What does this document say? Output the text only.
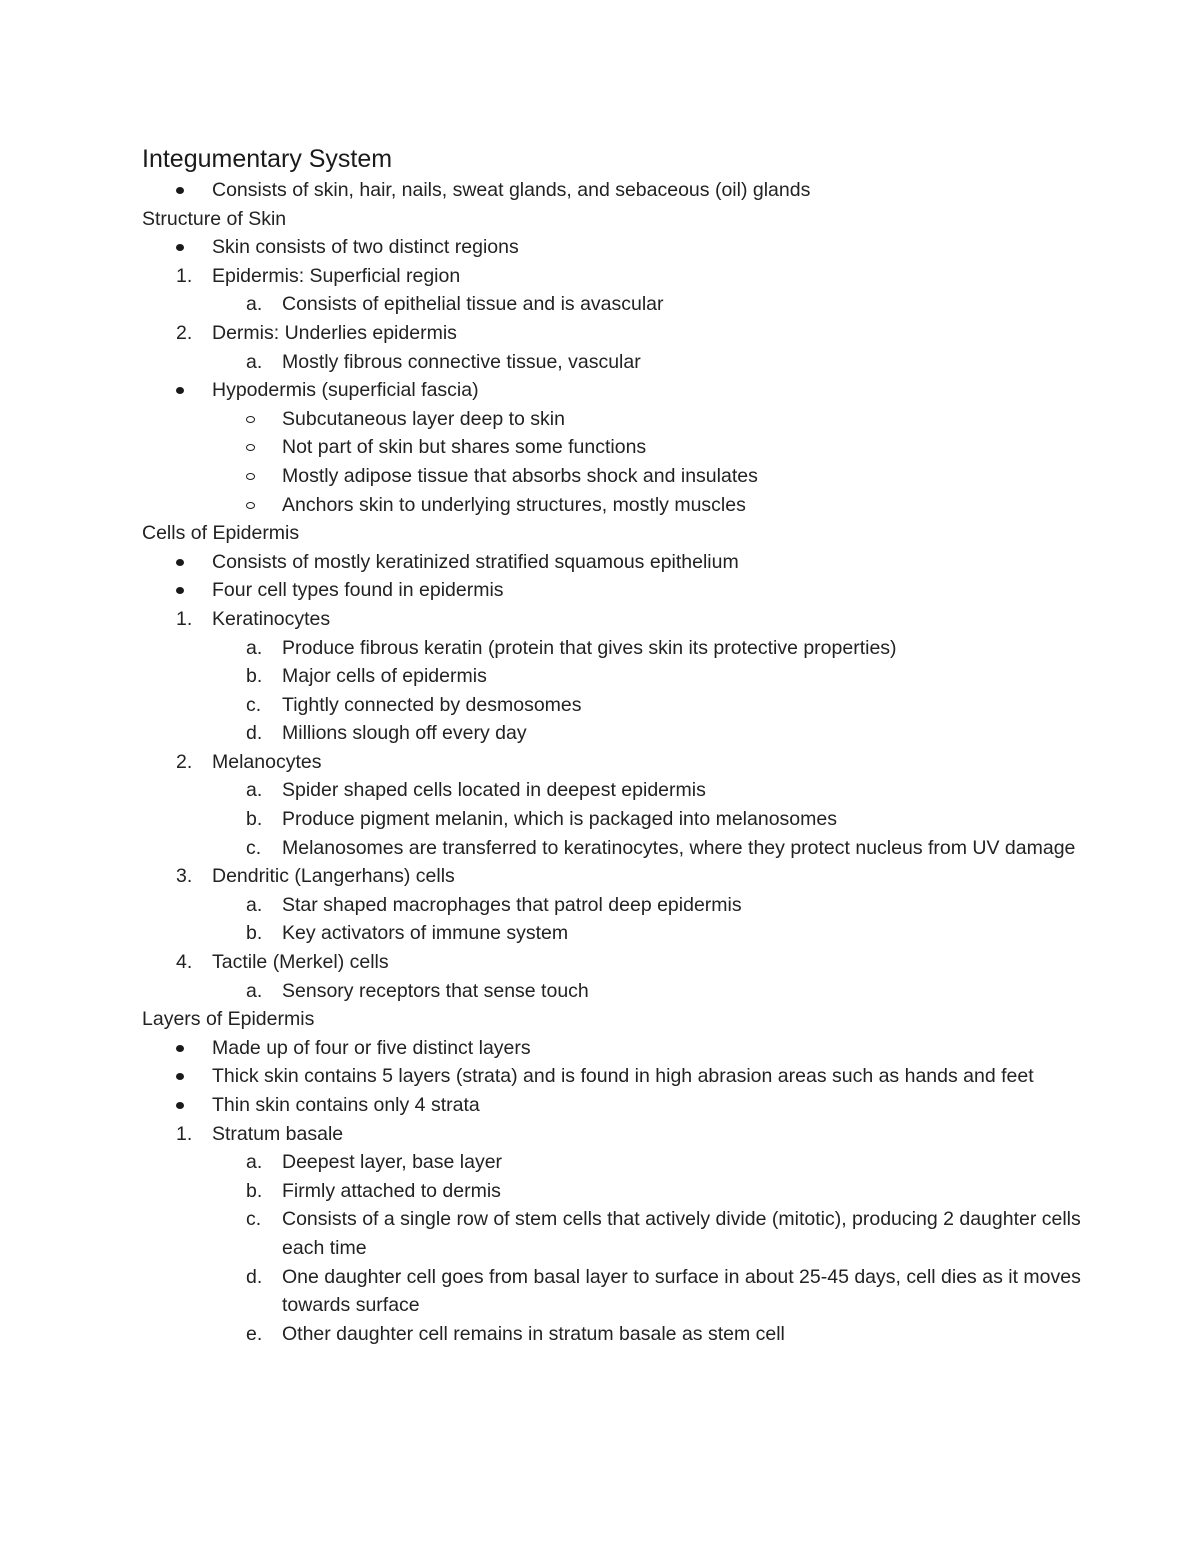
Integumentary System
Consists of skin, hair, nails, sweat glands, and sebaceous (oil) glands
Structure of Skin
Skin consists of two distinct regions
1. Epidermis: Superficial region
a. Consists of epithelial tissue and is avascular
2. Dermis: Underlies epidermis
a. Mostly fibrous connective tissue, vascular
Hypodermis (superficial fascia)
Subcutaneous layer deep to skin
Not part of skin but shares some functions
Mostly adipose tissue that absorbs shock and insulates
Anchors skin to underlying structures, mostly muscles
Cells of Epidermis
Consists of mostly keratinized stratified squamous epithelium
Four cell types found in epidermis
1. Keratinocytes
a. Produce fibrous keratin (protein that gives skin its protective properties)
b. Major cells of epidermis
c. Tightly connected by desmosomes
d. Millions slough off every day
2. Melanocytes
a. Spider shaped cells located in deepest epidermis
b. Produce pigment melanin, which is packaged into melanosomes
c. Melanosomes are transferred to keratinocytes, where they protect nucleus from UV damage
3. Dendritic (Langerhans) cells
a. Star shaped macrophages that patrol deep epidermis
b. Key activators of immune system
4. Tactile (Merkel) cells
a. Sensory receptors that sense touch
Layers of Epidermis
Made up of four or five distinct layers
Thick skin contains 5 layers (strata) and is found in high abrasion areas such as hands and feet
Thin skin contains only 4 strata
1. Stratum basale
a. Deepest layer, base layer
b. Firmly attached to dermis
c. Consists of a single row of stem cells that actively divide (mitotic), producing 2 daughter cells each time
d. One daughter cell goes from basal layer to surface in about 25-45 days, cell dies as it moves towards surface
e. Other daughter cell remains in stratum basale as stem cell
